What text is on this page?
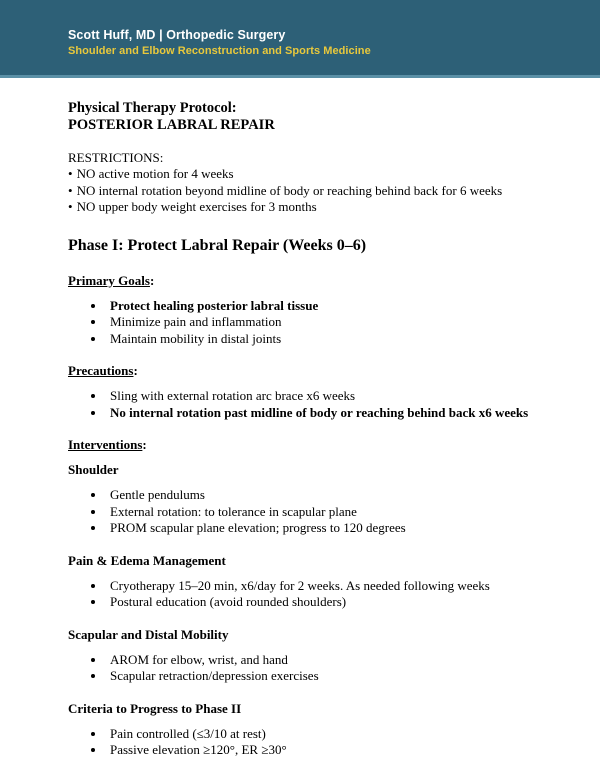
Scott Huff, MD | Orthopedic Surgery
Shoulder and Elbow Reconstruction and Sports Medicine
Physical Therapy Protocol:
POSTERIOR LABRAL REPAIR
RESTRICTIONS:
• NO active motion for 4 weeks
• NO internal rotation beyond midline of body or reaching behind back for 6 weeks
• NO upper body weight exercises for 3 months
Phase I: Protect Labral Repair (Weeks 0–6)
Primary Goals:
• Protect healing posterior labral tissue
• Minimize pain and inflammation
• Maintain mobility in distal joints
Precautions:
• Sling with external rotation arc brace x6 weeks
• No internal rotation past midline of body or reaching behind back x6 weeks
Interventions:
Shoulder
• Gentle pendulums
• External rotation: to tolerance in scapular plane
• PROM scapular plane elevation; progress to 120 degrees
Pain & Edema Management
• Cryotherapy 15–20 min, x6/day for 2 weeks. As needed following weeks
• Postural education (avoid rounded shoulders)
Scapular and Distal Mobility
• AROM for elbow, wrist, and hand
• Scapular retraction/depression exercises
Criteria to Progress to Phase II
• Pain controlled (≤3/10 at rest)
• Passive elevation ≥120°, ER ≥30°
